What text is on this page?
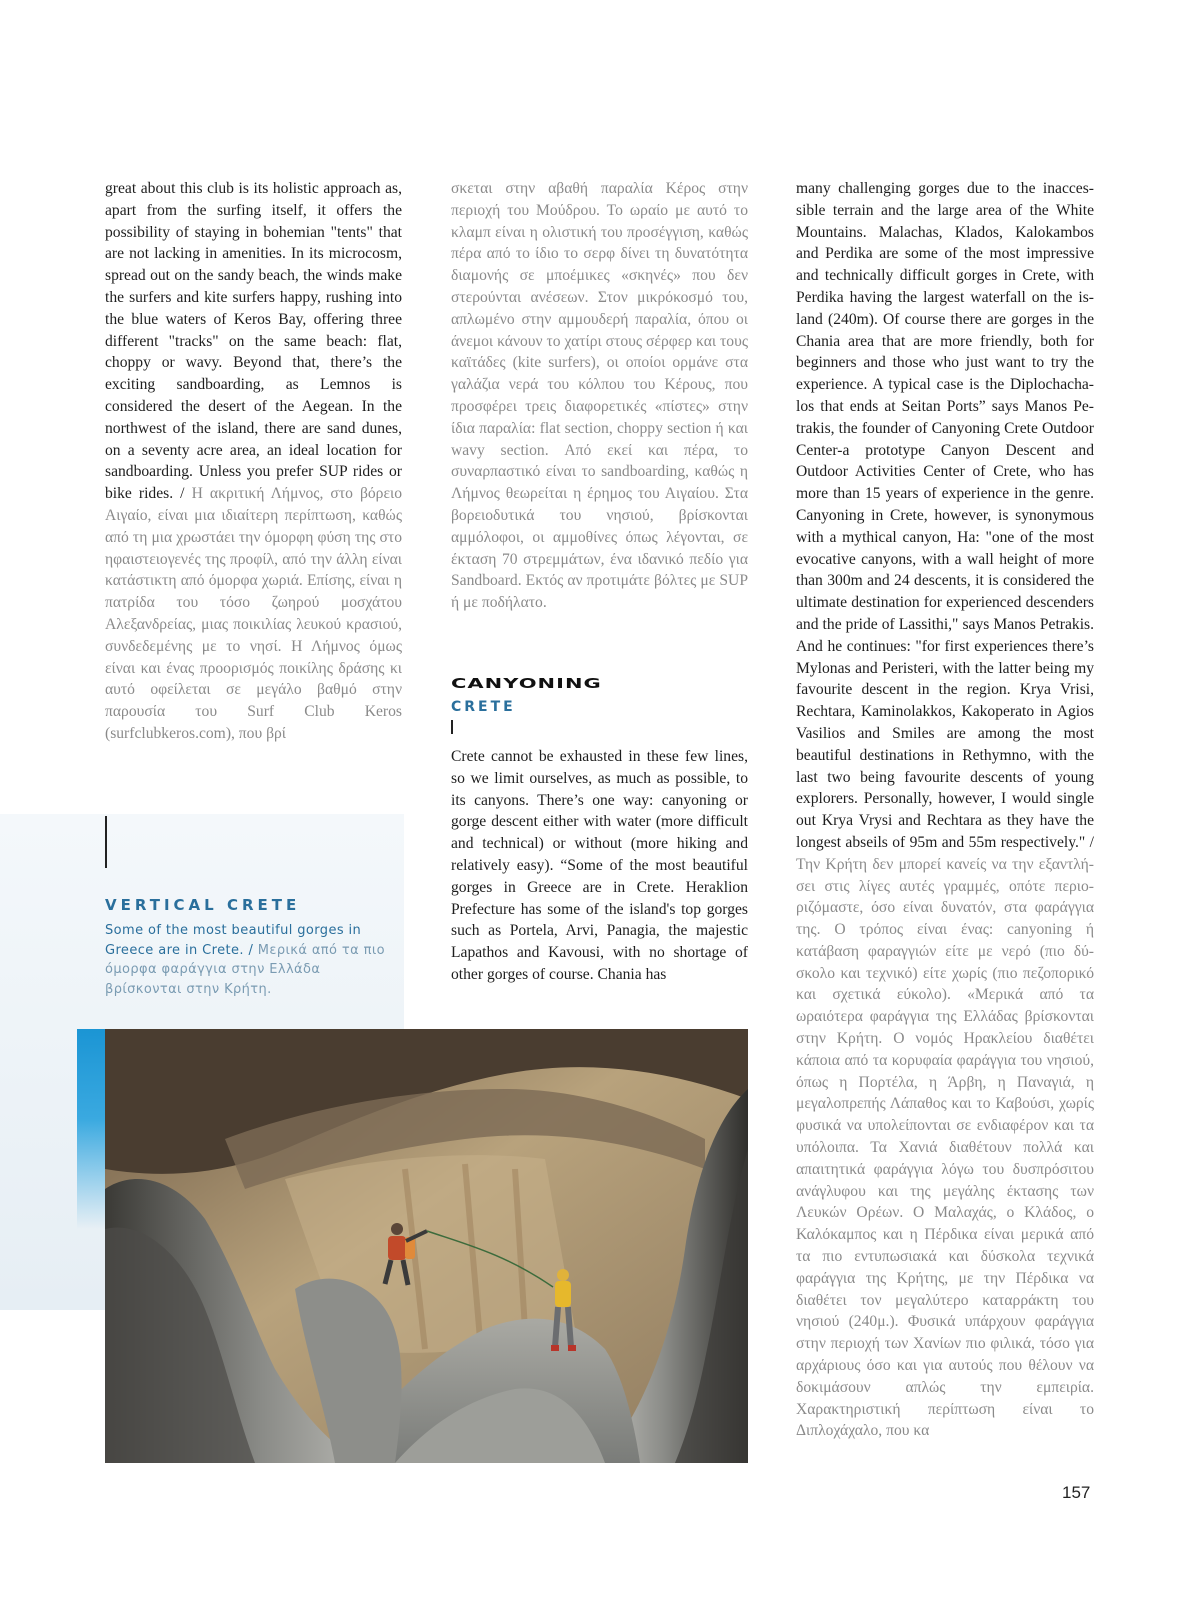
great about this club is its holistic approach as, apart from the surfing itself, it offers the possibility of staying in bohemian "tents" that are not lacking in amenities. In its microcosm, spread out on the sandy beach, the winds make the surfers and kite surfers happy, rushing into the blue waters of Keros Bay, offering three different "tracks" on the same beach: flat, choppy or wavy. Beyond that, there’s the exciting sandboarding, as Lemnos is considered the desert of the Aegean. In the northwest of the island, there are sand dunes, on a seventy acre area, an ideal location for sandboarding. Unless you prefer SUP rides or bike rides. / Η ακριτική Λήμνος, στο βόρειο Αιγαίο, είναι μια ιδιαίτερη περίπτωση, καθώς από τη μια χρωστάει την όμορφη φύση της στο ηφαιστειογενές της προφίλ, από την άλλη είναι κατάστικτη από όμορφα χωριά. Επίσης, είναι η πατρίδα του τόσο ζωηρού μοσχάτου Αλεξανδρείας, μιας ποικιλίας λευκού κρασιού, συνδεδεμένης με το νησί. Η Λήμνος όμως είναι και ένας προορισμός ποικίλης δράσης κι αυτό οφείλεται σε μεγάλο βαθμό στην παρουσία του Surf Club Keros (surfclubkeros.com), που βρί

σκεται στην αβαθή παραλία Κέρος στην περιοχή του Μούδρου. Το ωραίο με αυτό το κλαμπ είναι η ολιστική του προσέγγιση, καθώς πέρα από το ίδιο το σερφ δίνει τη δυνατότητα διαμονής σε μποέμικες «σκηνές» που δεν στερούνται ανέσεων. Στον μικρόκοσμό του, απλωμένο στην αμμουδερή παραλία, όπου οι άνεμοι κάνουν το χατίρι στους σέρφερ και τους καϊτάδες (kite surfers), οι οποίοι ορμάνε στα γαλάζια νερά του κόλπου του Κέρους, που προσφέρει τρεις διαφορετικές «πίστες» στην ίδια παραλία: flat section, choppy section ή και wavy section. Από εκεί και πέρα, το συναρπαστικό είναι το sandboarding, καθώς η Λήμνος θεωρείται η έρημος του Αιγαίου. Στα βορειοδυτικά του νησιού, βρίσκονται αμμόλοφοι, οι αμμοθίνες όπως λέγονται, σε έκταση 70 στρεμμάτων, ένα ιδανικό πεδίο για Sandboard. Εκτός αν προτιμάτε βόλτες με SUP ή με ποδήλατο.

CANYONING
CRETE

Crete cannot be exhausted in these few lines, so we limit ourselves, as much as possible, to its canyons. There’s one way: canyoning or gorge descent either with water (more difficult and technical) or without (more hiking and relatively easy). “Some of the most beautiful gorges in Greece are in Crete. Heraklion Prefecture has some of the island's top gorges such as Portela, Arvi, Panagia, the majestic Lapathos and Kavousi, with no shortage of other gorges of course. Chania has

many challenging gorges due to the inaccessible terrain and the large area of the White Mountains. Malachas, Klados, Kalokambos and Perdika are some of the most impressive and technically difficult gorges in Crete, with Perdika having the largest waterfall on the island (240m). Of course there are gorges in the Chania area that are more friendly, both for beginners and those who just want to try the experience. A typical case is the Diplochachalos that ends at Seitan Ports” says Manos Petrakis, the founder of Canyoning Crete Outdoor Center-a prototype Canyon Descent and Outdoor Activities Center of Crete, who has more than 15 years of experience in the genre. Canyoning in Crete, however, is synonymous with a mythical canyon, Ha: "one of the most evocative canyons, with a wall height of more than 300m and 24 descents, it is considered the ultimate destination for experienced descenders and the pride of Lassithi," says Manos Petrakis. And he continues: "for first experiences there’s Mylonas and Peristeri, with the latter being my favourite descent in the region. Krya Vrisi, Rechtara, Kaminolakkos, Kakoperato in Agios Vasilios and Smiles are among the most beautiful destinations in Rethymno, with the last two being favourite descents of young explorers. Personally, however, I would single out Krya Vrysi and Rechtara as they have the longest abseils of 95m and 55m respectively." / Την Κρήτη δεν μπορεί κανείς να την εξαντλήσει στις λίγες αυτές γραμμές, οπότε περιοριζόμαστε, όσο είναι δυνατόν, στα φαράγγια της. Ο τρόπος είναι ένας: canyoning ή κατάβαση φαραγγιών είτε με νερό (πιο δύσκολο και τεχνικό) είτε χωρίς (πιο πεζοπορικό και σχετικά εύκολο). «Μερικά από τα ωραιότερα φαράγγια της Ελλάδας βρίσκονται στην Κρήτη. Ο νομός Ηρακλείου διαθέτει κάποια από τα κορυφαία φαράγγια του νησιού, όπως η Πορτέλα, η Άρβη, η Παναγιά, η μεγαλοπρεπής Λάπαθος και το Καβούσι, χωρίς φυσικά να υπολείπονται σε ενδιαφέρον και τα υπόλοιπα. Τα Χανιά διαθέτουν πολλά και απαιτητικά φαράγγια λόγω του δυσπρόσιτου ανάγλυφου και της μεγάλης έκτασης των Λευκών Ορέων. Ο Μαλαχάς, ο Κλάδος, ο Καλόκαμπος και η Πέρδικα είναι μερικά από τα πιο εντυπωσιακά και δύσκολα τεχνικά φαράγγια της Κρήτης, με την Πέρδικα να διαθέτει τον μεγαλύτερο καταρράκτη του νησιού (240μ.). Φυσικά υπάρχουν φαράγγια στην περιοχή των Χανίων πιο φιλικά, τόσο για αρχάριους όσο και για αυτούς που θέλουν να δοκιμάσουν απλώς την εμπειρία. Χαρακτηριστική περίπτωση είναι το Διπλοχάχαλο, που κα

VERTICAL CRETE
Some of the most beautiful gorges in Greece are in Crete. / Μερικά από τα πιο όμορφα φαράγγια στην Ελλάδα βρίσκονται στην Κρήτη.
157
